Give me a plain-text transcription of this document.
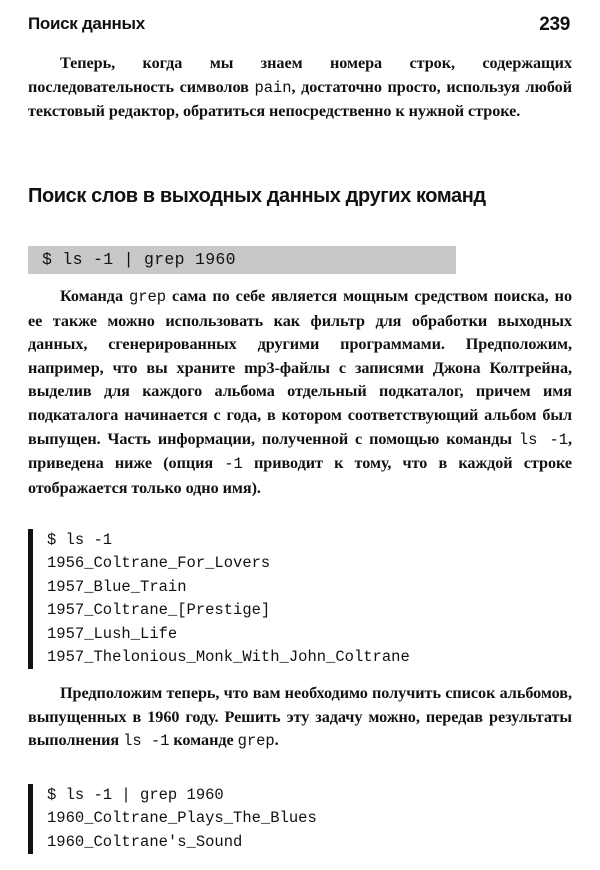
Поиск данных	239

Теперь, когда мы знаем номера строк, содержащих последовательность символов pain, достаточно просто, используя любой текстовый редактор, обратиться непосредственно к нужной строке.

Поиск слов в выходных данных других команд
$ ls -1 | grep 1960

Команда grep сама по себе является мощным средством поиска, но ее также можно использовать как фильтр для обработки выходных данных, сгенерированных другими программами. Предположим, например, что вы храните mp3-файлы с записями Джона Колтрейна, выделив для каждого альбома отдельный подкаталог, причем имя подкаталога начинается с года, в котором соответствующий альбом был выпущен. Часть информации, полученной с помощью команды ls -1, приведена ниже (опция -1 приводит к тому, что в каждой строке отображается только одно имя).

$ ls -1
1956_Coltrane_For_Lovers
1957_Blue_Train
1957_Coltrane_[Prestige]
1957_Lush_Life
1957_Thelonious_Monk_With_John_Coltrane

Предположим теперь, что вам необходимо получить список альбомов, выпущенных в 1960 году. Решить эту задачу можно, передав результаты выполнения ls -1 команде grep.

$ ls -1 | grep 1960
1960_Coltrane_Plays_The_Blues
1960_Coltrane's_Sound
